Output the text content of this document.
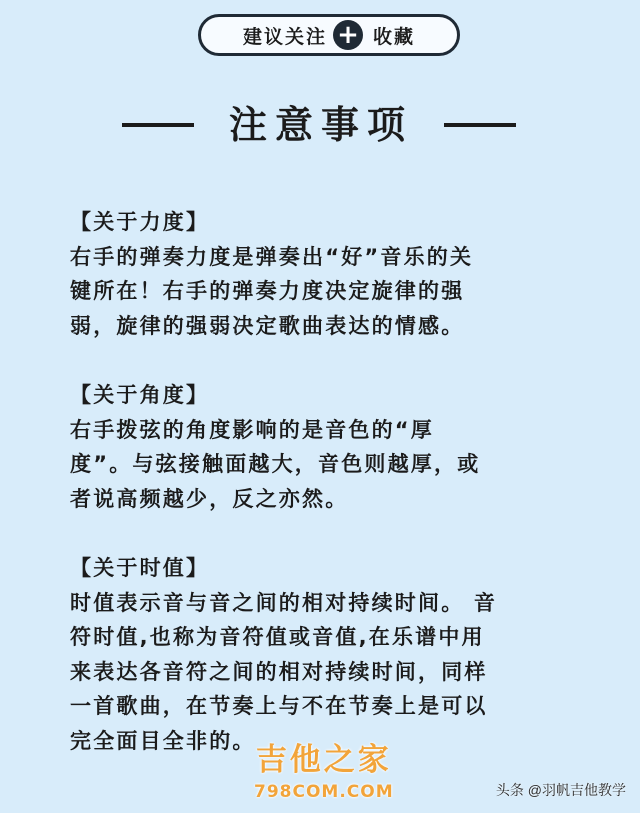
建议关注 + 收藏
注意事项

【关于力度】

右手的弹奏力度是弹奏出“好”音乐的关

键所在！右手的弹奏力度决定旋律的强

弱，旋律的强弱决定歌曲表达的情感。

【关于角度】

右手拨弦的角度影响的是音色的“厚

度”。与弦接触面越大，音色则越厚，或

者说高频越少，反之亦然。

【关于时值】

时值表示音与音之间的相对持续时间。 音

符时值,也称为音符值或音值,在乐谱中用

来表达各音符之间的相对持续时间，同样

一首歌曲，在节奏上与不在节奏上是可以

完全面目全非的。

吉他之家
798COM.COM	头条 @羽帆吉他教学
